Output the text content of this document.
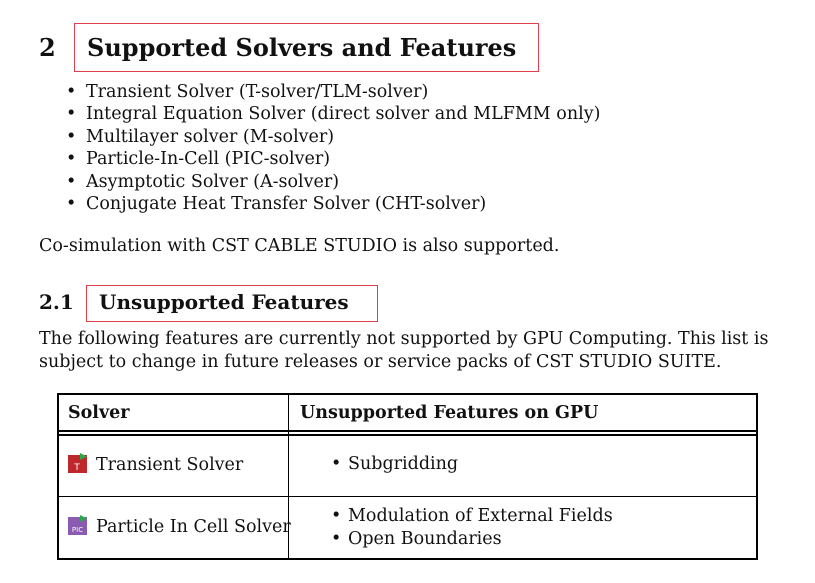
2 Supported Solvers and Features
• Transient Solver (T-solver/TLM-solver)
• Integral Equation Solver (direct solver and MLFMM only)
• Multilayer solver (M-solver)
• Particle-In-Cell (PIC-solver)
• Asymptotic Solver (A-solver)
• Conjugate Heat Transfer Solver (CHT-solver)
Co-simulation with CST CABLE STUDIO is also supported.
2.1 Unsupported Features
The following features are currently not supported by GPU Computing. This list is subject to change in future releases or service packs of CST STUDIO SUITE.
Solver	Unsupported Features on GPU
T Transient Solver	• Subgridding
PIC Particle In Cell Solver
• Modulation of External Fields
• Open Boundaries
